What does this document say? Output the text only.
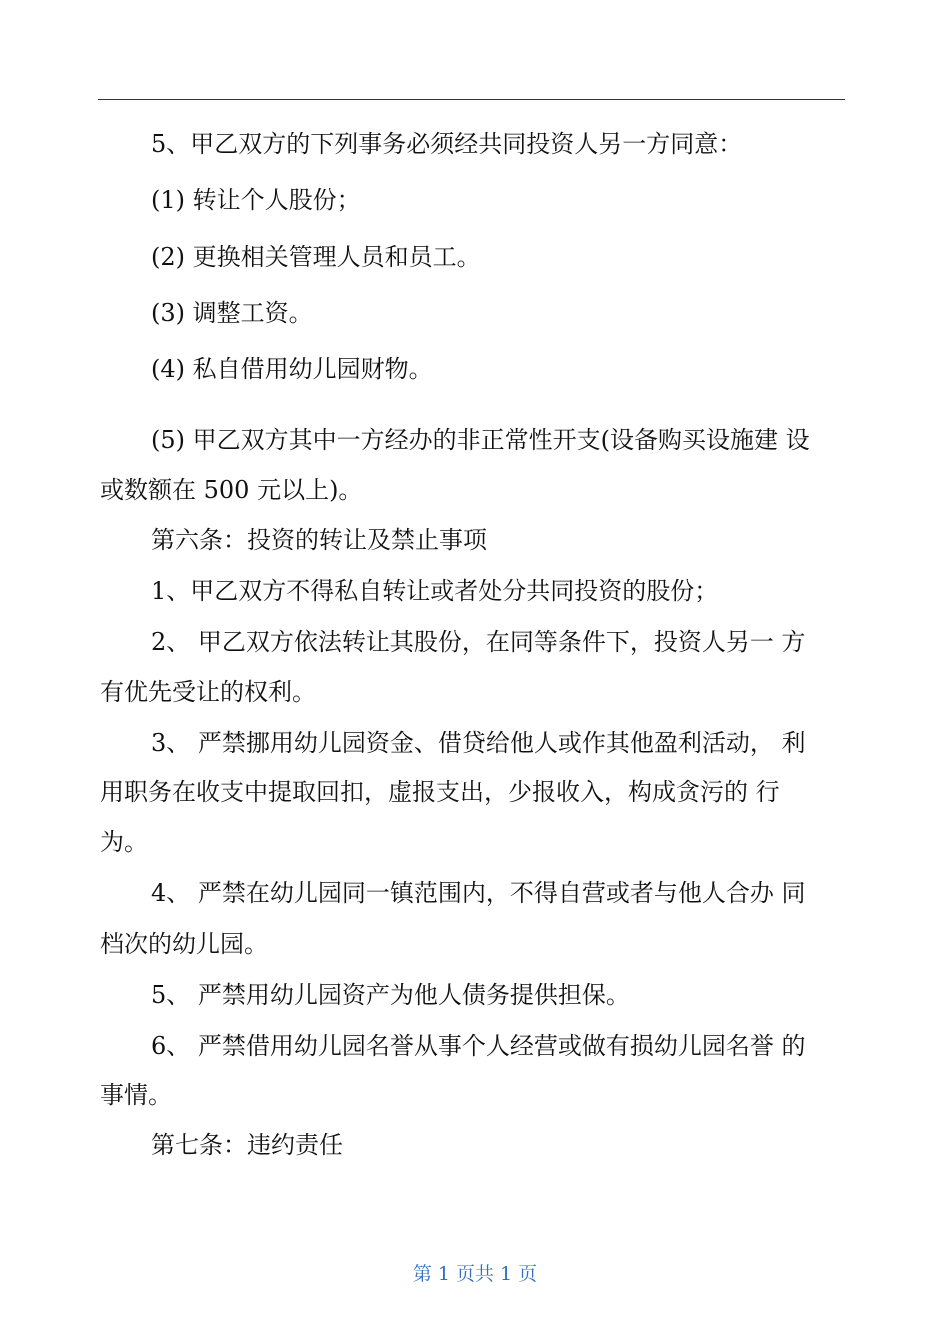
5、甲乙双方的下列事务必须经共同投资人另一方同意：
(1) 转让个人股份；
(2) 更换相关管理人员和员工。
(3) 调整工资。
(4) 私自借用幼儿园财物。
(5) 甲乙双方其中一方经办的非正常性开支(设备购买设施建 设
或数额在 500 元以上)。
第六条：投资的转让及禁止事项
1、甲乙双方不得私自转让或者处分共同投资的股份；
2、 甲乙双方依法转让其股份，在同等条件下，投资人另一 方
有优先受让的权利。
3、 严禁挪用幼儿园资金、借贷给他人或作其他盈利活动， 利
用职务在收支中提取回扣，虚报支出，少报收入，构成贪污的 行
为。
4、 严禁在幼儿园同一镇范围内，不得自营或者与他人合办 同
档次的幼儿园。
5、 严禁用幼儿园资产为他人债务提供担保。
6、 严禁借用幼儿园名誉从事个人经营或做有损幼儿园名誉 的
事情。
第七条：违约责任
第 1 页共 1 页
